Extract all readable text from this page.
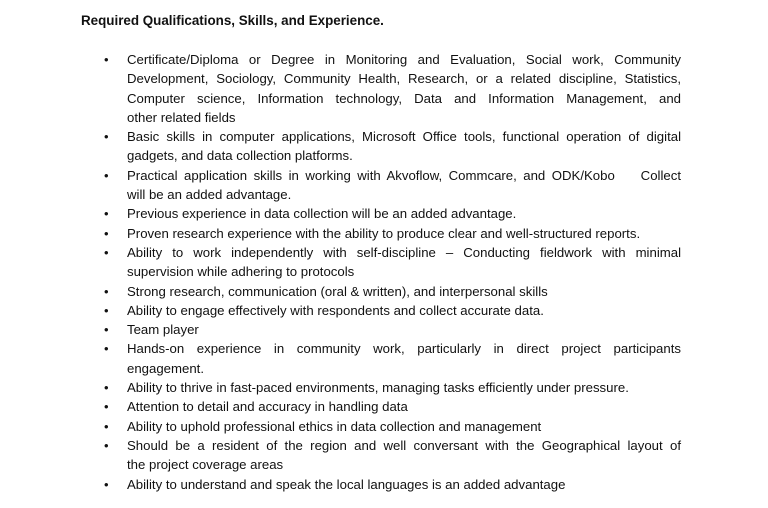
Required Qualifications, Skills, and Experience.
•
Certificate/Diploma or Degree in Monitoring and Evaluation, Social work, Community
Development, Sociology, Community Health, Research, or a related discipline, Statistics,
Computer science, Information technology, Data and Information Management, and
other related fields
•
Basic skills in computer applications, Microsoft Office tools, functional operation of digital
gadgets, and data collection platforms.
•
Practical application skills in working with Akvoflow, Commcare, and ODK/Kobo    Collect
will be an added advantage.
•
Previous experience in data collection will be an added advantage.
•
Proven research experience with the ability to produce clear and well-structured reports.
•
Ability to work independently with self-discipline – Conducting fieldwork with minimal
supervision while adhering to protocols
•
Strong research, communication (oral & written), and interpersonal skills
•
Ability to engage effectively with respondents and collect accurate data.
•
Team player
•
Hands-on experience in community work, particularly in direct project participants
engagement.
•
Ability to thrive in fast-paced environments, managing tasks efficiently under pressure.
•
Attention to detail and accuracy in handling data
•
Ability to uphold professional ethics in data collection and management
•
Should be a resident of the region and well conversant with the Geographical layout of
the project coverage areas
•
Ability to understand and speak the local languages is an added advantage
